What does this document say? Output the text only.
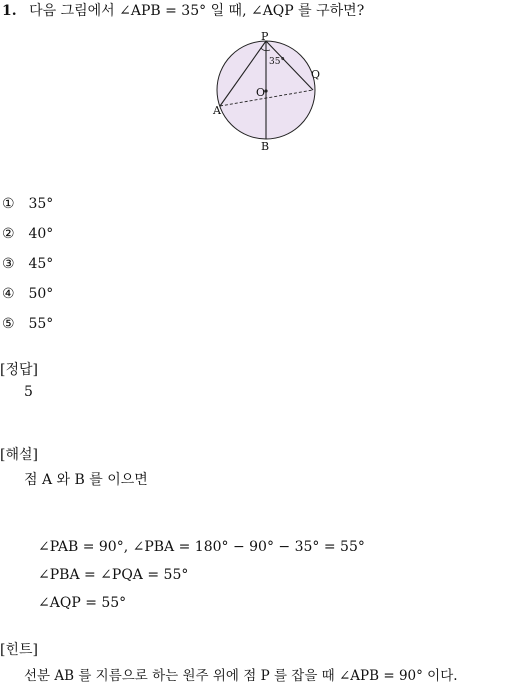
1. 다음 그림에서 ∠APB = 35° 일 때, ∠AQP 를 구하면?
P
35°
Q
O
A
B
① 35°
② 40°
③ 45°
④ 50°
⑤ 55°
[정답]
5
[해설]
점 A 와 B 를 이으면
∠PAB = 90°, ∠PBA = 180° − 90° − 35° = 55°
∠PBA = ∠PQA = 55°
∠AQP = 55°
[힌트]
선분 AB 를 지름으로 하는 원주 위에 점 P 를 잡을 때 ∠APB = 90° 이다.
